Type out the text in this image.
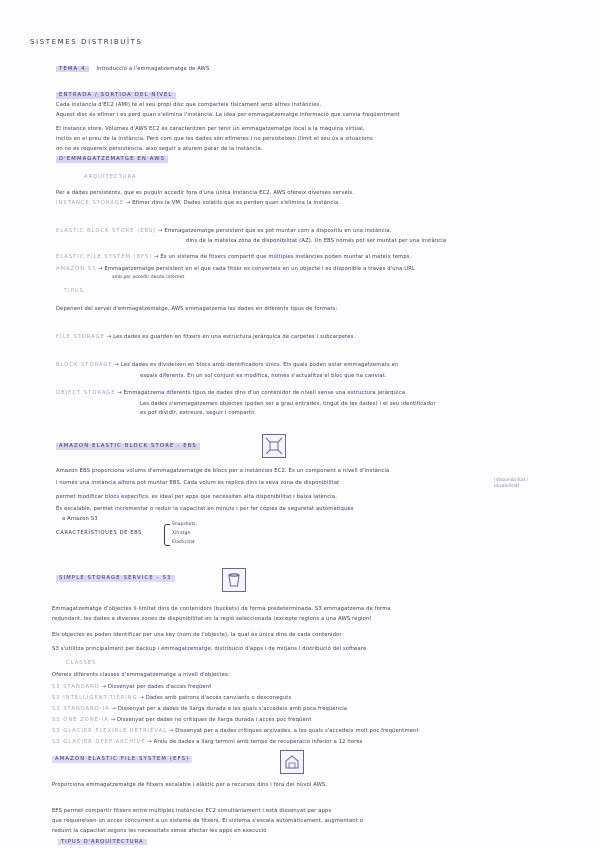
SISTEMES DISTRIBUÏTS
TEMA 4 Introducció a l'emmagatzematge de AWS
ENTRADA / SORTIDA DEL NIVEL
Cada instància d'EC2 (AMI) té el seu propi disc que comparteix físicament amb altres instàncies.
Aquest disc és efímer i es perd quan s'elimina l'instància. La idea per emmagatzematge informació que canvia freqüentment
El instance store. Volumes d'AWS EC2 es caracteritzen per tenir un emmagatzematge local a la màquina virtual,
inclòs en el preu de la instància. Però com que les dades són efímeres i no persisteixen (límit el seu ús a situacions
on no es requereix persistència, això seguir a aturem parar de la instància.
D'EMMAGATZEMATGE EN AWS
ARQUITECTURA
Per a dades persistents, que es puguin accedir fora d'una única instància EC2, AWS ofereix diverses serveis.
INSTANCE STORAGE → Efímer dins la VM. Dades volàtils que es perden quan s'elimina la instància.
ELASTIC BLOCK STORE (EBS) → Emmagatzematge persistent que es pot muntar com a dispositiu en una instància,
dins de la mateixa zona de disponibilitat (AZ). Un EBS només pot ser muntat per una instància
ELASTIC FILE SYSTEM (EFS) → És un sistema de fitxers compartit que múltiples instàncies poden muntar al mateix temps.
AMAZON S3 → Emmagatzematge persistent en el que cada fitxer es converteix en un objecte i es disponible a través d'una URL
amb per accedir desde internet
TIPUS
Depenent del servei d'emmagatzematge, AWS emmagatzema les dades en diferents tipus de formats:
FILE STORAGE → Les dades es guarden en fitxers en una estructura jeràrquica de carpetes i subcarpetes.
BLOCK STORAGE → Les dades es divideixen en blocs amb identificadors únics. Els quals poden estar emmagatzemats en
espais diferents. En un sol conjunt es modifica, només s'actualitza el bloc que ha canviat.
OBJECT STORAGE → Emmagatzema diferents tipus de dades dins d'un contenidor de nivell sense una estructura jeràrquica.
Les dades s'emmagatzemen objectes (poden ser a grau entrades, tingut de les dades) i el seu identificador
es pot dividir, extreure, seguir i compartir.
AMAZON ELASTIC BLOCK STORE - EBS
Amazon EBS proporciona volums d'emmagatzematge de blocs per a instàncies EC2. És un component a nivell d'instància
i només una instància alhora pot muntar EBS. Cada volum es replica dins la seva zona de disponibilitat	(disponibilitat i durabilitat)
permet modificar blocs específics, és ideal per apps que necessiten alta disponibilitat i baixa latència.
És escalable, permet incrementar o reduir la capacitat en minuts i per fer còpies de seguretat automàtiques
a Amazon S3
CARACTERÍSTIQUES DE EBS
Snapshots
Xifratge
Elasticitat
SIMPLE STORAGE SERVICE - S3
Emmagatzematge d'objectes il·limitat dins de contenidors (buckets) de forma predeterminada, S3 emmagatzema de forma
redundant, les dades a diverses zones de disponibilitat en la regió seleccionada (excepte regions a una AWS region)
Els objectes es poden identificar per una key (nom de l'objecte), la qual és única dins de cada contenidor
S3 s'utilitza principalment per backup i emmagatzematge, distribució d'apps i de mitjans i distribució del software
CLASSES
Ofereix diferents classes d'emmagatzematge a nivell d'objectes:
S3 STANDARD → Dissenyat per dades d'accés freqüent
S3 INTELLIGENT-TIERING → Dades amb patrons d'accés canviants o desconeguts
S3 STANDARD-IA → Dissenyat per a dades de llarga durada a les quals s'accedeix amb poca freqüència
S3 ONE ZONE-IA → Dissenyat per dades no crítiques de llarga durada i accés poc freqüent
S3 GLACIER FLEXIBLE RETRIEVAL → Dissenyat per a dades crítiques arxivades, a les quals s'accedeix molt poc freqüentment
S3 GLACIER DEEP ARCHIVE → Arxiu de dades a llarg termini amb temps de recuperació inferior a 12 hores
AMAZON ELASTIC FILE SYSTEM (EFS)
Proporciona emmagatzematge de fitxers escalable i elàstic per a recursos dins i fora del núvol AWS.
EFS permet compartir fitxers entre múltiples instàncies EC2 simultàniament i està dissenyat per apps
que requereixen un accés concurrent a un sistema de fitxers. El sistema s'escala automàticament, augmentant o
reduint la capacitat segons les necessitats sense afectar les apps en execució
TIPUS D'ARQUITECTURA
